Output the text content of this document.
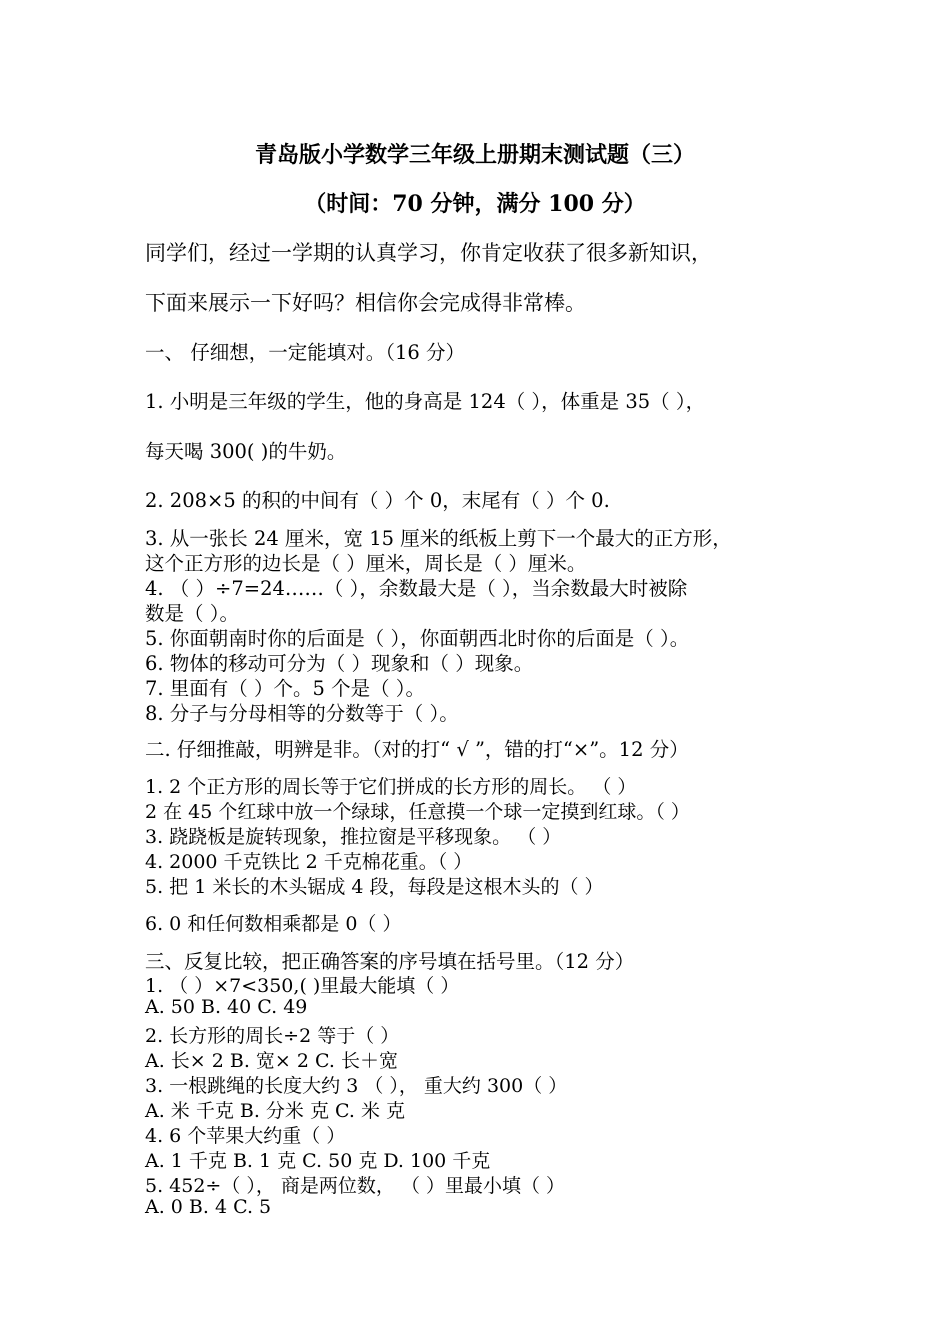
青岛版小学数学三年级上册期末测试题（三）
（时间：70 分钟，满分 100 分）
同学们，经过一学期的认真学习，你肯定收获了很多新知识，
下面来展示一下好吗？相信你会完成得非常棒。
一、 仔细想，一定能填对。（16 分）
1. 小明是三年级的学生，他的身高是 124（ ），体重是 35（ ），
每天喝 300( )的牛奶。
2. 208×5 的积的中间有（ ）个 0，末尾有（ ）个 0.
3. 从一张长 24 厘米，宽 15 厘米的纸板上剪下一个最大的正方形，
这个正方形的边长是（ ）厘米，周长是（ ）厘米。
4. （ ）÷7=24……（ ），余数最大是（ ），当余数最大时被除
数是（ ）。
5. 你面朝南时你的后面是（ ），你面朝西北时你的后面是（ ）。
6. 物体的移动可分为（ ）现象和（ ）现象。
7. 里面有（ ）个。5 个是（ ）。
8. 分子与分母相等的分数等于（ ）。
二. 仔细推敲，明辨是非。（对的打“ √ ”，错的打“×”。12 分）
1. 2 个正方形的周长等于它们拼成的长方形的周长。 （ ）
2 在 45 个红球中放一个绿球，任意摸一个球一定摸到红球。（ ）
3. 跷跷板是旋转现象，推拉窗是平移现象。 （ ）
4. 2000 千克铁比 2 千克棉花重。（ ）
5. 把 1 米长的木头锯成 4 段，每段是这根木头的（ ）
6. 0 和任何数相乘都是 0（ ）
三、反复比较，把正确答案的序号填在括号里。（12 分）
1. （ ）×7<350,( )里最大能填（ ）
A. 50 B. 40 C. 49
2. 长方形的周长÷2 等于（ ）
A. 长× 2 B. 宽× 2 C. 长＋宽
3. 一根跳绳的长度大约 3 （ ）， 重大约 300（ ）
A. 米 千克 B. 分米 克 C. 米 克
4. 6 个苹果大约重（ ）
A. 1 千克 B. 1 克 C. 50 克 D. 100 千克
5. 452÷（ ）， 商是两位数， （ ）里最小填（ ）
A. 0 B. 4 C. 5
